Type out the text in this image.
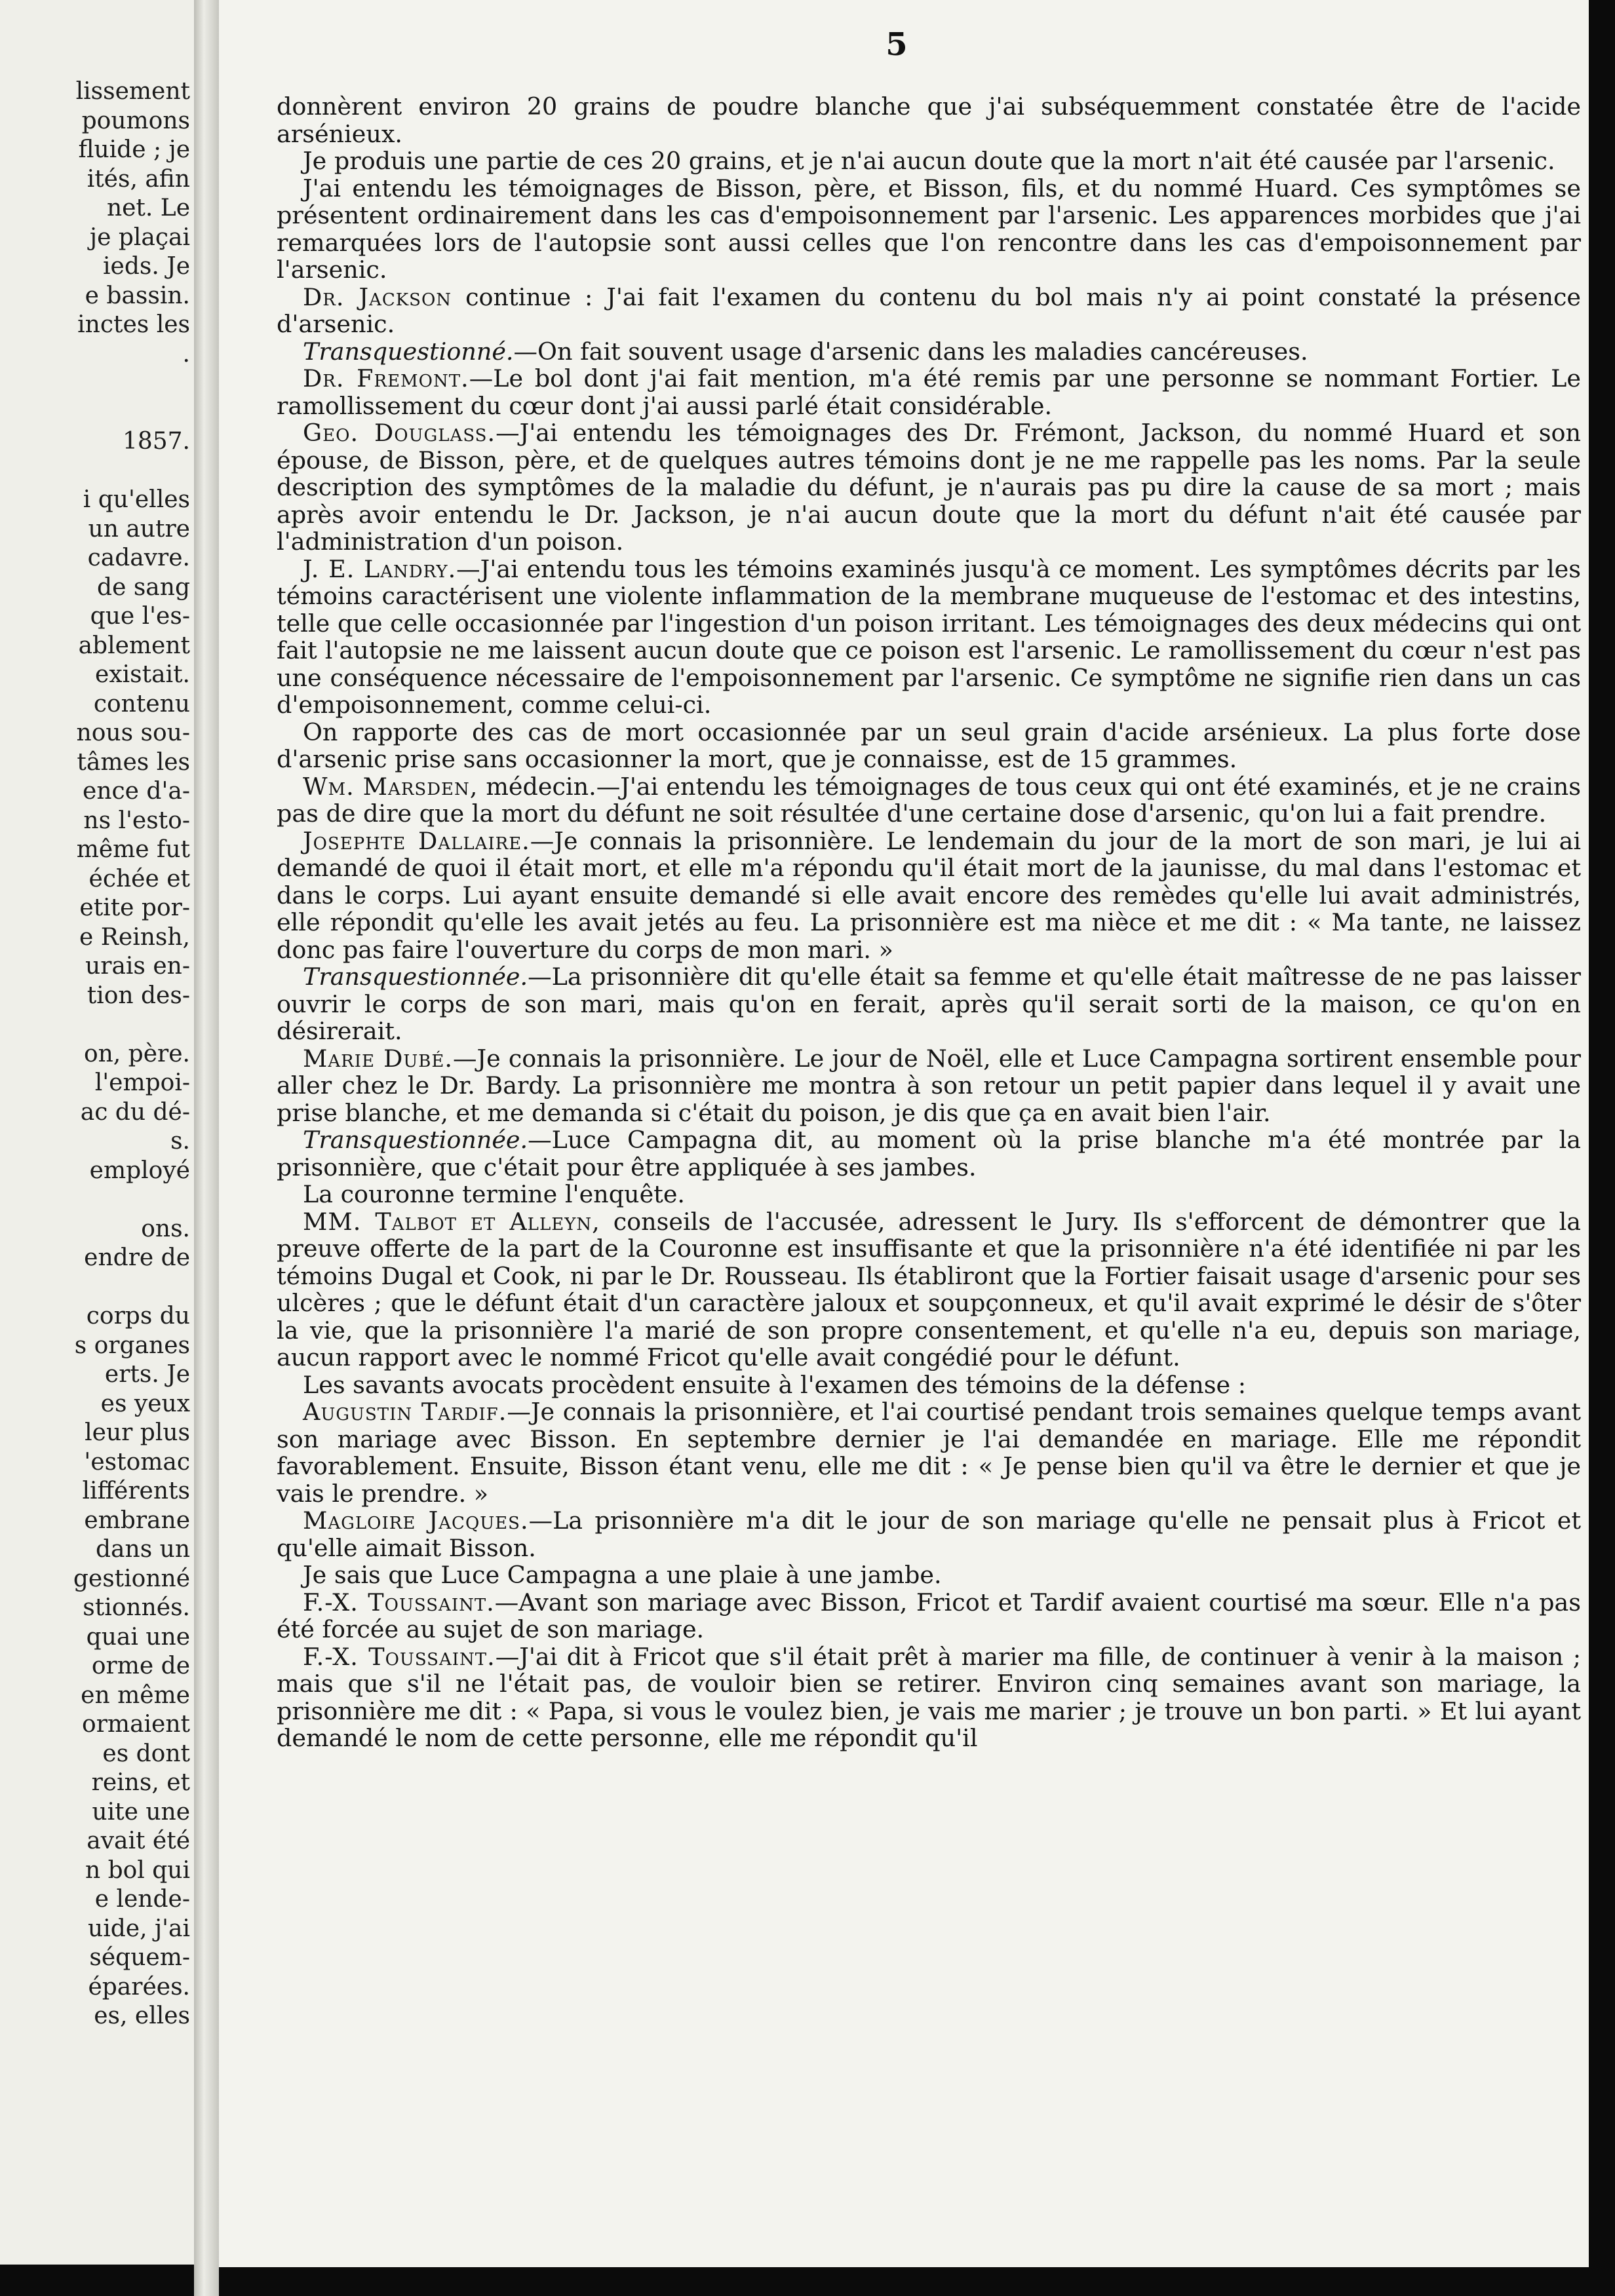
lissement
poumons
fluide ; je
ités, afin
net. Le
je plaçai
ieds. Je
e bassin.
inctes les
.
1857.
i qu'elles
un autre
cadavre.
de sang
que l'es-
ablement
existait.
contenu
nous sou-
tâmes les
ence d'a-
ns l'esto-
même fut
échée et
etite por-
e Reinsh,
urais en-
tion des-
on, père.
l'empoi-
ac du dé-
s.
employé
ons.
endre de
corps du
s organes
erts. Je
es yeux
leur plus
'estomac
lifférents
embrane
dans un
gestionné
stionnés.
quai une
orme de
en même
ormaient
es dont
reins, et
uite une
avait été
n bol qui
e lende-
uide, j'ai
séquem-
éparées.
es, elles
5

donnèrent environ 20 grains de poudre blanche que j'ai subséquemment constatée être de l'acide arsénieux.

Je produis une partie de ces 20 grains, et je n'ai aucun doute que la mort n'ait été causée par l'arsenic.

J'ai entendu les témoignages de Bisson, père, et Bisson, fils, et du nommé Huard. Ces symptômes se présentent ordinairement dans les cas d'empoisonnement par l'arsenic. Les apparences morbides que j'ai remarquées lors de l'autopsie sont aussi celles que l'on rencontre dans les cas d'empoisonnement par l'arsenic.

Dr. Jackson continue : J'ai fait l'examen du contenu du bol mais n'y ai point constaté la présence d'arsenic.

Transquestionné.—On fait souvent usage d'arsenic dans les maladies cancéreuses.

Dr. Fremont.—Le bol dont j'ai fait mention, m'a été remis par une personne se nommant Fortier. Le ramollissement du cœur dont j'ai aussi parlé était considérable.

Geo. Douglass.—J'ai entendu les témoignages des Dr. Frémont, Jackson, du nommé Huard et son épouse, de Bisson, père, et de quelques autres témoins dont je ne me rappelle pas les noms. Par la seule description des symptômes de la maladie du défunt, je n'aurais pas pu dire la cause de sa mort ; mais après avoir entendu le Dr. Jackson, je n'ai aucun doute que la mort du défunt n'ait été causée par l'administration d'un poison.

J. E. Landry.—J'ai entendu tous les témoins examinés jusqu'à ce moment. Les symptômes décrits par les témoins caractérisent une violente inflammation de la membrane muqueuse de l'estomac et des intestins, telle que celle occasionnée par l'ingestion d'un poison irritant. Les témoignages des deux médecins qui ont fait l'autopsie ne me laissent aucun doute que ce poison est l'arsenic. Le ramollissement du cœur n'est pas une conséquence nécessaire de l'empoisonnement par l'arsenic. Ce symptôme ne signifie rien dans un cas d'empoisonnement, comme celui-ci.

On rapporte des cas de mort occasionnée par un seul grain d'acide arsénieux. La plus forte dose d'arsenic prise sans occasionner la mort, que je connaisse, est de 15 grammes.

Wm. Marsden, médecin.—J'ai entendu les témoignages de tous ceux qui ont été examinés, et je ne crains pas de dire que la mort du défunt ne soit résultée d'une certaine dose d'arsenic, qu'on lui a fait prendre.

Josephte Dallaire.—Je connais la prisonnière. Le lendemain du jour de la mort de son mari, je lui ai demandé de quoi il était mort, et elle m'a répondu qu'il était mort de la jaunisse, du mal dans l'estomac et dans le corps. Lui ayant ensuite demandé si elle avait encore des remèdes qu'elle lui avait administrés, elle répondit qu'elle les avait jetés au feu. La prisonnière est ma nièce et me dit : « Ma tante, ne laissez donc pas faire l'ouverture du corps de mon mari. »

Transquestionnée.—La prisonnière dit qu'elle était sa femme et qu'elle était maîtresse de ne pas laisser ouvrir le corps de son mari, mais qu'on en ferait, après qu'il serait sorti de la maison, ce qu'on en désirerait.

Marie Dubé.—Je connais la prisonnière. Le jour de Noël, elle et Luce Campagna sortirent ensemble pour aller chez le Dr. Bardy. La prisonnière me montra à son retour un petit papier dans lequel il y avait une prise blanche, et me demanda si c'était du poison, je dis que ça en avait bien l'air.

Transquestionnée.—Luce Campagna dit, au moment où la prise blanche m'a été montrée par la prisonnière, que c'était pour être appliquée à ses jambes.

La couronne termine l'enquête.

MM. Talbot et Alleyn, conseils de l'accusée, adressent le Jury. Ils s'efforcent de démontrer que la preuve offerte de la part de la Couronne est insuffisante et que la prisonnière n'a été identifiée ni par les témoins Dugal et Cook, ni par le Dr. Rousseau. Ils établiront que la Fortier faisait usage d'arsenic pour ses ulcères ; que le défunt était d'un caractère jaloux et soupçonneux, et qu'il avait exprimé le désir de s'ôter la vie, que la prisonnière l'a marié de son propre consentement, et qu'elle n'a eu, depuis son mariage, aucun rapport avec le nommé Fricot qu'elle avait congédié pour le défunt.

Les savants avocats procèdent ensuite à l'examen des témoins de la défense :

Augustin Tardif.—Je connais la prisonnière, et l'ai courtisé pendant trois semaines quelque temps avant son mariage avec Bisson. En septembre dernier je l'ai demandée en mariage. Elle me répondit favorablement. Ensuite, Bisson étant venu, elle me dit : « Je pense bien qu'il va être le dernier et que je vais le prendre. »

Magloire Jacques.—La prisonnière m'a dit le jour de son mariage qu'elle ne pensait plus à Fricot et qu'elle aimait Bisson.

Je sais que Luce Campagna a une plaie à une jambe.

F.-X. Toussaint.—Avant son mariage avec Bisson, Fricot et Tardif avaient courtisé ma sœur. Elle n'a pas été forcée au sujet de son mariage.

F.-X. Toussaint.—J'ai dit à Fricot que s'il était prêt à marier ma fille, de continuer à venir à la maison ; mais que s'il ne l'était pas, de vouloir bien se retirer. Environ cinq semaines avant son mariage, la prisonnière me dit : « Papa, si vous le voulez bien, je vais me marier ; je trouve un bon parti. » Et lui ayant demandé le nom de cette personne, elle me répondit qu'il
